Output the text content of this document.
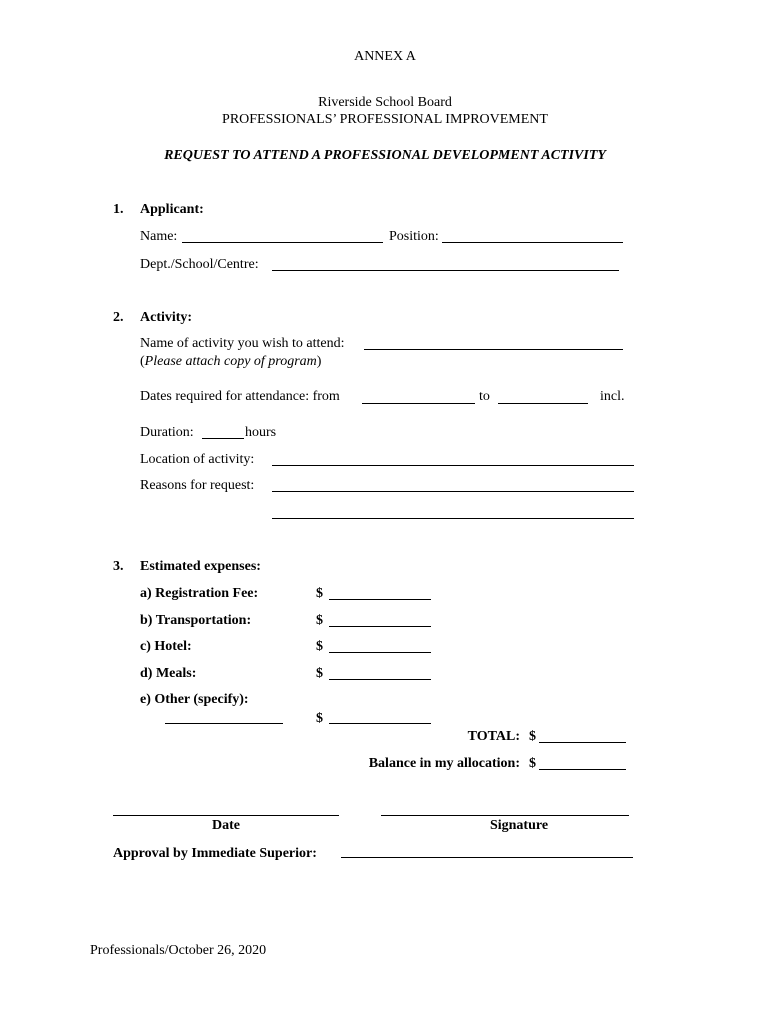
ANNEX A
Riverside School Board
PROFESSIONALS’ PROFESSIONAL IMPROVEMENT
REQUEST TO ATTEND A PROFESSIONAL DEVELOPMENT ACTIVITY
1. Applicant:
Name:	Position:
Dept./School/Centre:
2. Activity:
Name of activity you wish to attend:
(Please attach copy of program)
Dates required for attendance: from	to	incl.
Duration:	hours
Location of activity:
Reasons for request:
3. Estimated expenses:
a) Registration Fee:	$
b) Transportation:	$
c) Hotel:	$
d) Meals:	$
e) Other (specify):
$
TOTAL: $
Balance in my allocation: $
Date	Signature
Approval by Immediate Superior:
Professionals/October 26, 2020
